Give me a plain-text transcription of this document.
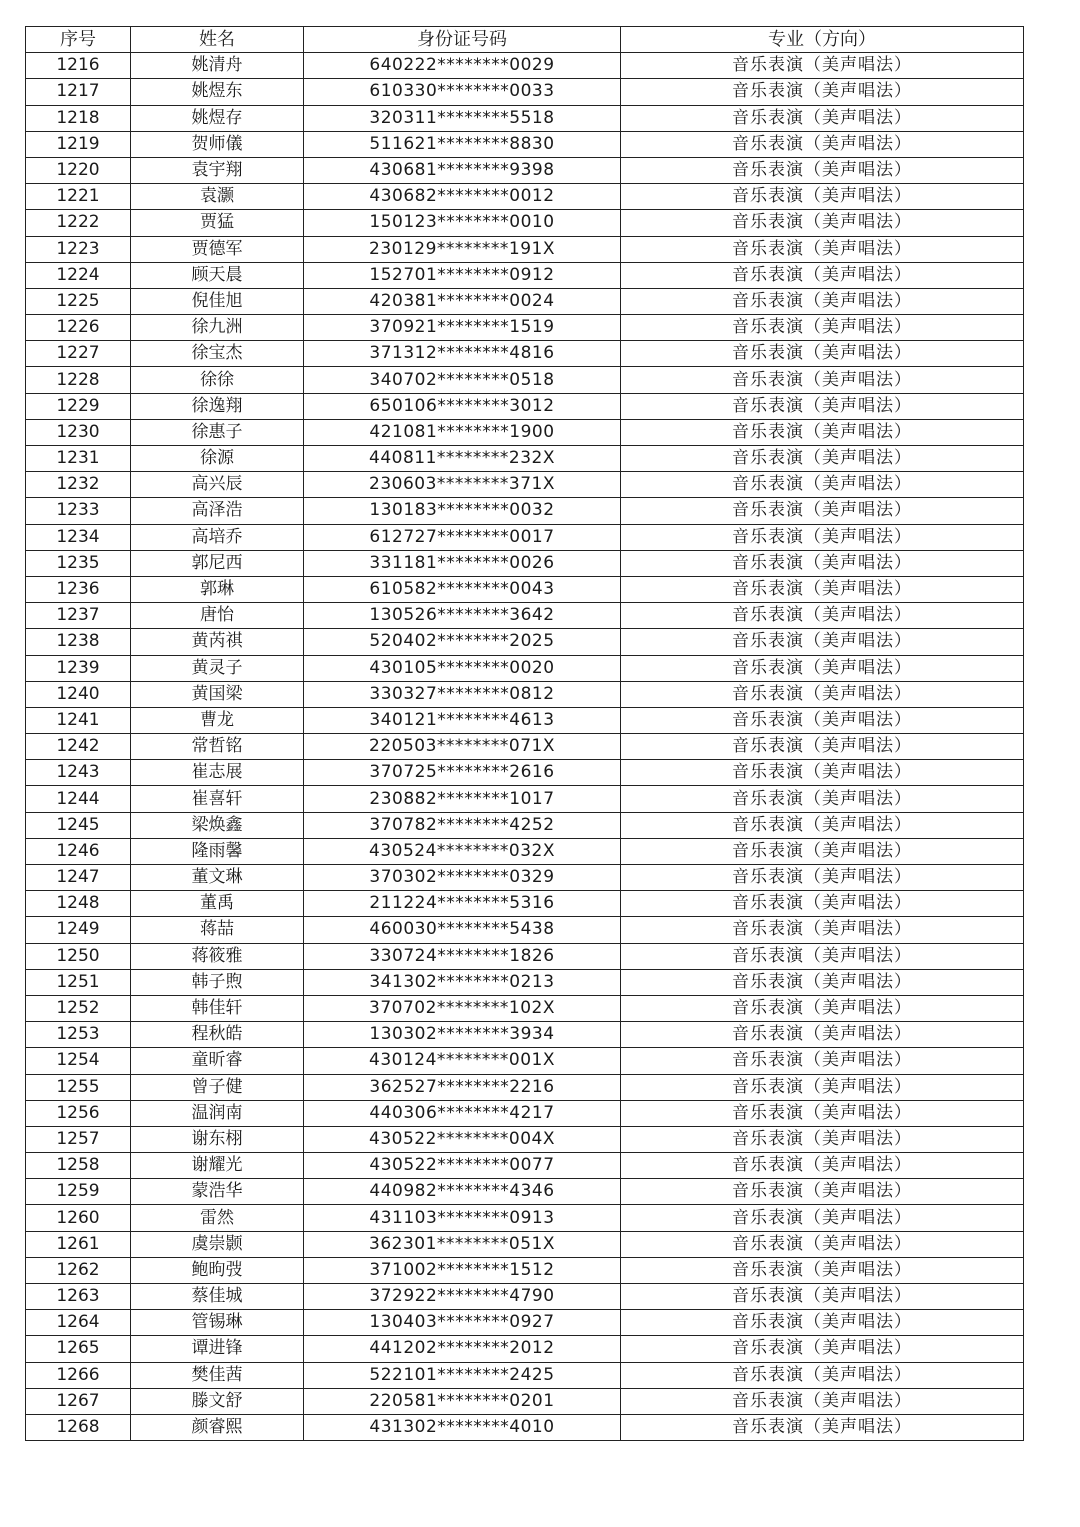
序号	姓名	身份证号码	专业（方向）
1216	姚清舟	640222********0029	音乐表演（美声唱法）
1217	姚煜东	610330********0033	音乐表演（美声唱法）
1218	姚煜存	320311********5518	音乐表演（美声唱法）
1219	贺师儀	511621********8830	音乐表演（美声唱法）
1220	袁宇翔	430681********9398	音乐表演（美声唱法）
1221	袁灏	430682********0012	音乐表演（美声唱法）
1222	贾猛	150123********0010	音乐表演（美声唱法）
1223	贾德军	230129********191X	音乐表演（美声唱法）
1224	顾天晨	152701********0912	音乐表演（美声唱法）
1225	倪佳旭	420381********0024	音乐表演（美声唱法）
1226	徐九洲	370921********1519	音乐表演（美声唱法）
1227	徐宝杰	371312********4816	音乐表演（美声唱法）
1228	徐徐	340702********0518	音乐表演（美声唱法）
1229	徐逸翔	650106********3012	音乐表演（美声唱法）
1230	徐惠子	421081********1900	音乐表演（美声唱法）
1231	徐源	440811********232X	音乐表演（美声唱法）
1232	高兴辰	230603********371X	音乐表演（美声唱法）
1233	高泽浩	130183********0032	音乐表演（美声唱法）
1234	高培乔	612727********0017	音乐表演（美声唱法）
1235	郭尼西	331181********0026	音乐表演（美声唱法）
1236	郭琳	610582********0043	音乐表演（美声唱法）
1237	唐怡	130526********3642	音乐表演（美声唱法）
1238	黄芮祺	520402********2025	音乐表演（美声唱法）
1239	黄灵子	430105********0020	音乐表演（美声唱法）
1240	黄国梁	330327********0812	音乐表演（美声唱法）
1241	曹龙	340121********4613	音乐表演（美声唱法）
1242	常哲铭	220503********071X	音乐表演（美声唱法）
1243	崔志展	370725********2616	音乐表演（美声唱法）
1244	崔喜轩	230882********1017	音乐表演（美声唱法）
1245	梁焕鑫	370782********4252	音乐表演（美声唱法）
1246	隆雨馨	430524********032X	音乐表演（美声唱法）
1247	董文琳	370302********0329	音乐表演（美声唱法）
1248	董禹	211224********5316	音乐表演（美声唱法）
1249	蒋喆	460030********5438	音乐表演（美声唱法）
1250	蒋筱雅	330724********1826	音乐表演（美声唱法）
1251	韩子煦	341302********0213	音乐表演（美声唱法）
1252	韩佳轩	370702********102X	音乐表演（美声唱法）
1253	程秋皓	130302********3934	音乐表演（美声唱法）
1254	童昕睿	430124********001X	音乐表演（美声唱法）
1255	曾子健	362527********2216	音乐表演（美声唱法）
1256	温润南	440306********4217	音乐表演（美声唱法）
1257	谢东栩	430522********004X	音乐表演（美声唱法）
1258	谢耀光	430522********0077	音乐表演（美声唱法）
1259	蒙浩华	440982********4346	音乐表演（美声唱法）
1260	雷然	431103********0913	音乐表演（美声唱法）
1261	虞崇颢	362301********051X	音乐表演（美声唱法）
1262	鲍昫弢	371002********1512	音乐表演（美声唱法）
1263	蔡佳城	372922********4790	音乐表演（美声唱法）
1264	管锡琳	130403********0927	音乐表演（美声唱法）
1265	谭进锋	441202********2012	音乐表演（美声唱法）
1266	樊佳茜	522101********2425	音乐表演（美声唱法）
1267	滕文舒	220581********0201	音乐表演（美声唱法）
1268	颜睿熙	431302********4010	音乐表演（美声唱法）
